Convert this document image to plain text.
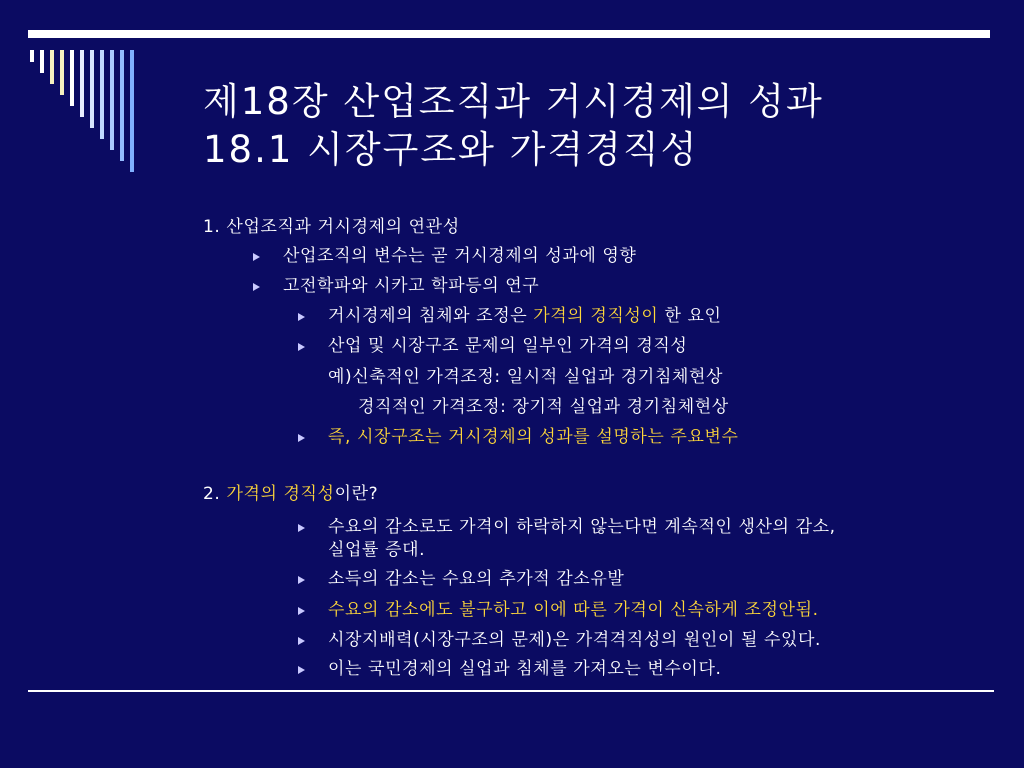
제18장 산업조직과 거시경제의 성과
18.1 시장구조와 가격경직성
1. 산업조직과 거시경제의 연관성
산업조직의 변수는 곧 거시경제의 성과에 영향
고전학파와 시카고 학파등의 연구
거시경제의 침체와 조정은 가격의 경직성이 한 요인
산업 및 시장구조 문제의 일부인 가격의 경직성
예)신축적인 가격조정: 일시적 실업과 경기침체현상
경직적인 가격조정: 장기적 실업과 경기침체현상
즉, 시장구조는 거시경제의 성과를 설명하는 주요변수
2. 가격의 경직성이란?
수요의 감소로도 가격이 하락하지 않는다면 계속적인 생산의 감소,
실업률 증대.
소득의 감소는 수요의 추가적 감소유발
수요의 감소에도 불구하고 이에 따른 가격이 신속하게 조정안됨.
시장지배력(시장구조의 문제)은 가격격직성의 원인이 될 수있다.
이는 국민경제의 실업과 침체를 가져오는 변수이다.
